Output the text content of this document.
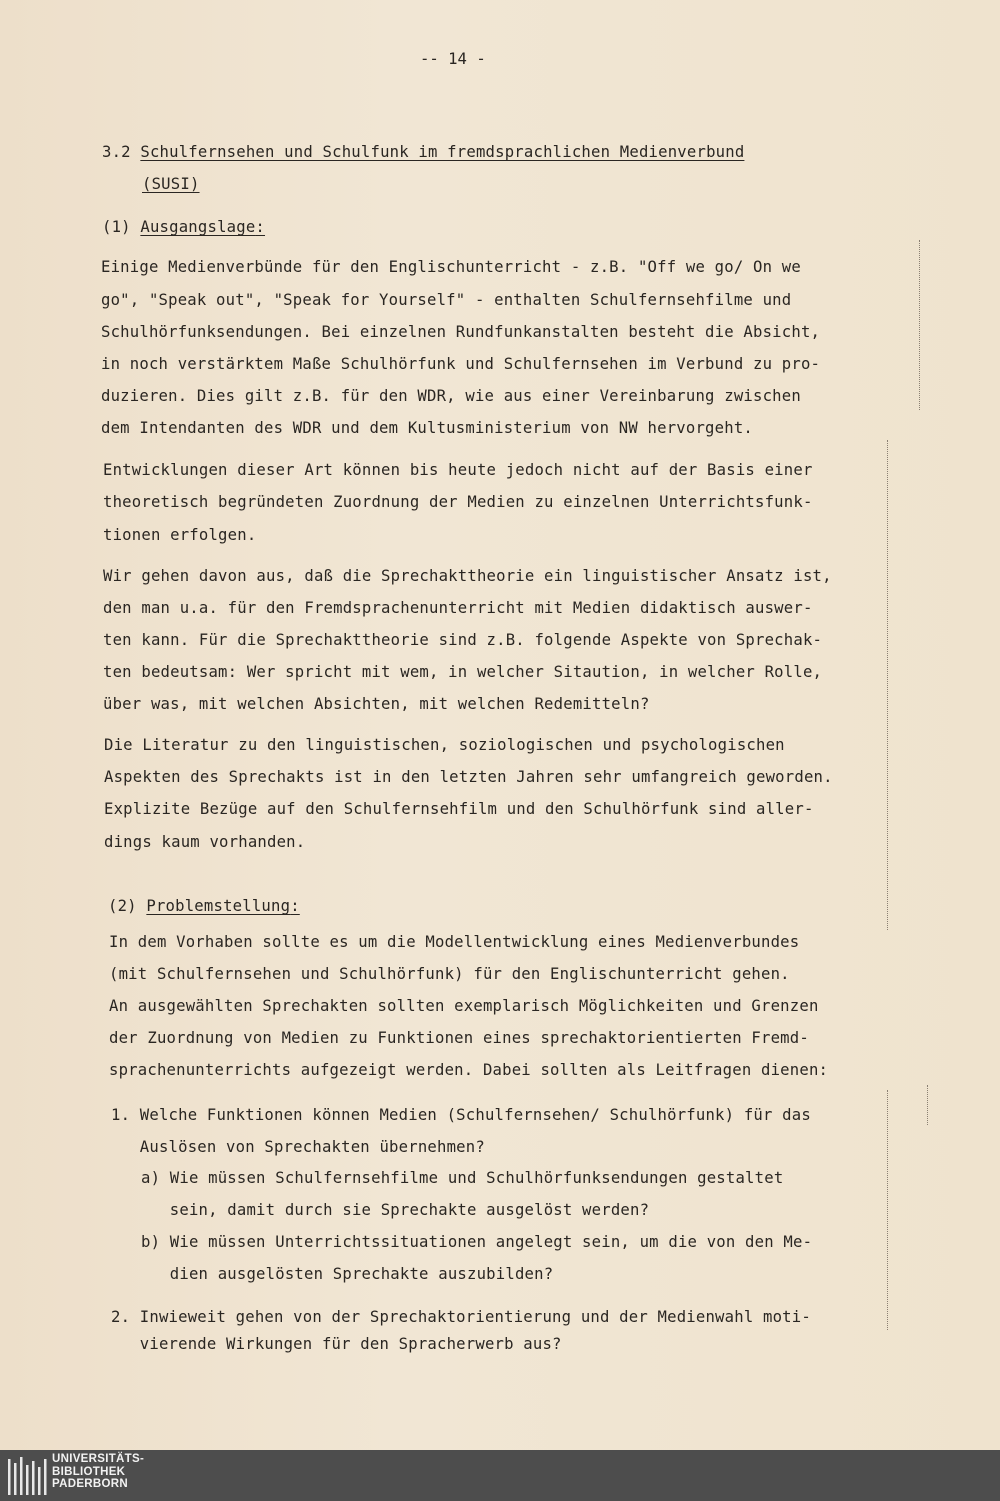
-- 14 -
3.2 Schulfernsehen und Schulfunk im fremdsprachlichen Medienverbund
(SUSI)
(1) Ausgangslage:
Einige Medienverbünde für den Englischunterricht - z.B. "Off we go/ On we
go", "Speak out", "Speak for Yourself" - enthalten Schulfernsehfilme und
Schulhörfunksendungen. Bei einzelnen Rundfunkanstalten besteht die Absicht,
in noch verstärktem Maße Schulhörfunk und Schulfernsehen im Verbund zu pro-
duzieren. Dies gilt z.B. für den WDR, wie aus einer Vereinbarung zwischen
dem Intendanten des WDR und dem Kultusministerium von NW hervorgeht.
Entwicklungen dieser Art können bis heute jedoch nicht auf der Basis einer
theoretisch begründeten Zuordnung der Medien zu einzelnen Unterrichtsfunk-
tionen erfolgen.
Wir gehen davon aus, daß die Sprechakttheorie ein linguistischer Ansatz ist,
den man u.a. für den Fremdsprachenunterricht mit Medien didaktisch auswer-
ten kann. Für die Sprechakttheorie sind z.B. folgende Aspekte von Sprechak-
ten bedeutsam: Wer spricht mit wem, in welcher Sitaution, in welcher Rolle,
über was, mit welchen Absichten, mit welchen Redemitteln?
Die Literatur zu den linguistischen, soziologischen und psychologischen
Aspekten des Sprechakts ist in den letzten Jahren sehr umfangreich geworden.
Explizite Bezüge auf den Schulfernsehfilm und den Schulhörfunk sind aller-
dings kaum vorhanden.
(2) Problemstellung:
In dem Vorhaben sollte es um die Modellentwicklung eines Medienverbundes
(mit Schulfernsehen und Schulhörfunk) für den Englischunterricht gehen.
An ausgewählten Sprechakten sollten exemplarisch Möglichkeiten und Grenzen
der Zuordnung von Medien zu Funktionen eines sprechaktorientierten Fremd-
sprachenunterrichts aufgezeigt werden. Dabei sollten als Leitfragen dienen:
1. Welche Funktionen können Medien (Schulfernsehen/ Schulhörfunk) für das
Auslösen von Sprechakten übernehmen?
a) Wie müssen Schulfernsehfilme und Schulhörfunksendungen gestaltet
sein, damit durch sie Sprechakte ausgelöst werden?
b) Wie müssen Unterrichtssituationen angelegt sein, um die von den Me-
dien ausgelösten Sprechakte auszubilden?
2. Inwieweit gehen von der Sprechaktorientierung und der Medienwahl moti-
vierende Wirkungen für den Spracherwerb aus?
UNIVERSITÄTS-
BIBLIOTHEK
PADERBORN
